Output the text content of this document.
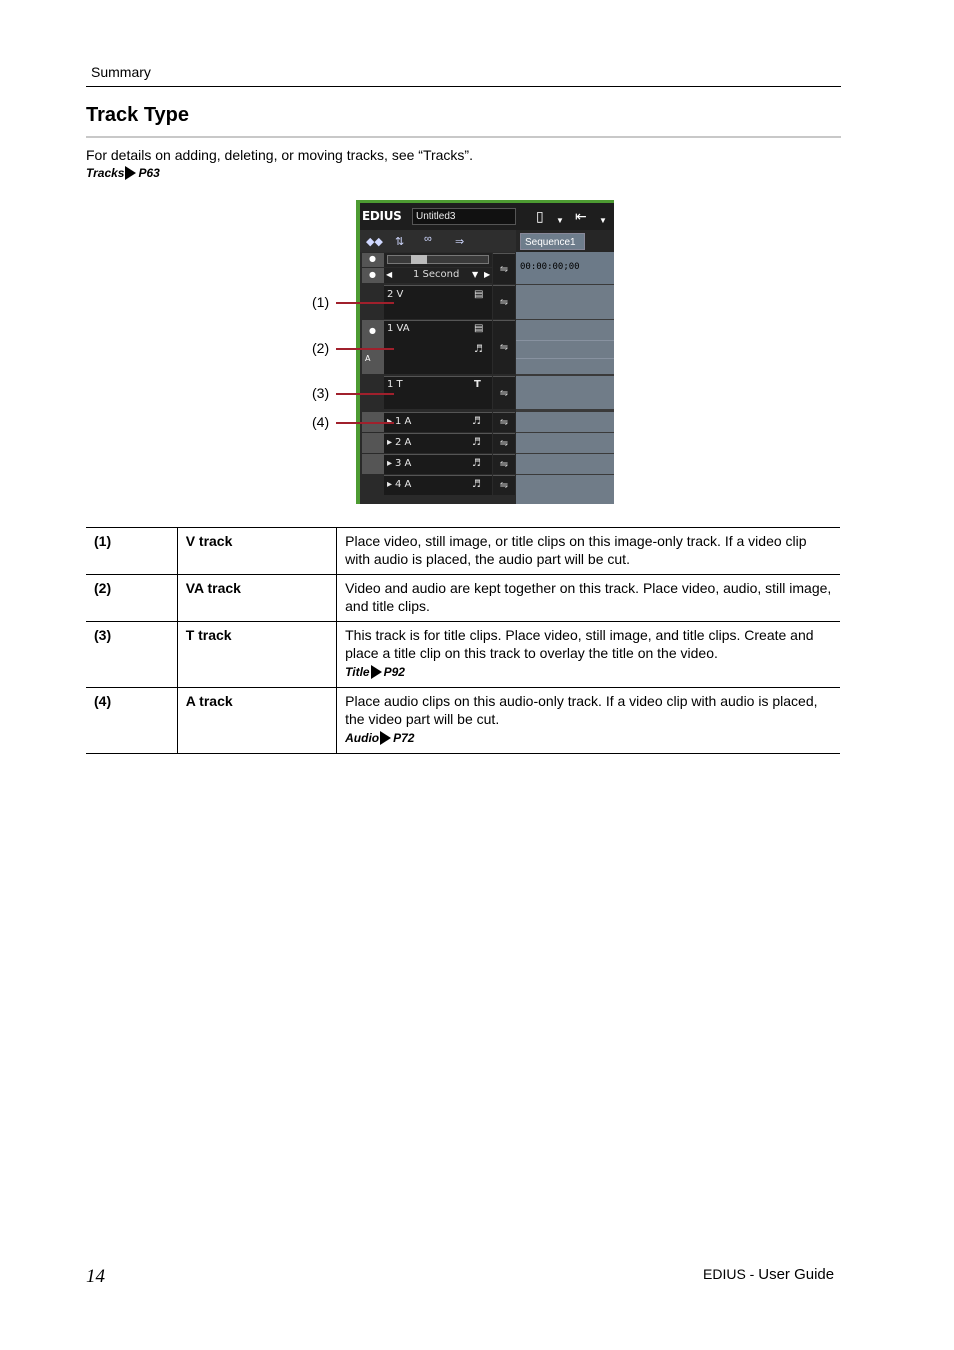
Summary
Track Type
For details on adding, deleting, or moving tracks, see “Tracks”.
Tracks P63
EDIUS	Untitled3	▯ ▼ ⇤ ▼
◆◆ ⇅ ∞ ⇒	Sequence1
●
● ◀ 1 Second ▼ ▶ ⇋	00:00:00;00
2 V	▤
⇋
●
A
1 VA	▤
♬	⇋
1 T	T
⇋
1 A	♬	⇋
▸ 2 A	♬	⇋
▸ 3 A	♬	⇋
▸ 4 A	♬	⇋
(1)
(2)
(3)
(4)
(1)	V track	Place video, still image, or title clips on this image-only track. If a video clip with audio is placed, the audio part will be cut.

(2)	VA track	Video and audio are kept together on this track. Place video, audio, still image, and title clips.

(3)	T track	This track is for title clips. Place video, still image, and title clips. Create and place a title clip on this track to overlay the title on the video.
Title P92

(4)	A track	Place audio clips on this audio-only track. If a video clip with audio is placed, the video part will be cut.
Audio P72
14	EDIUS - User Guide
